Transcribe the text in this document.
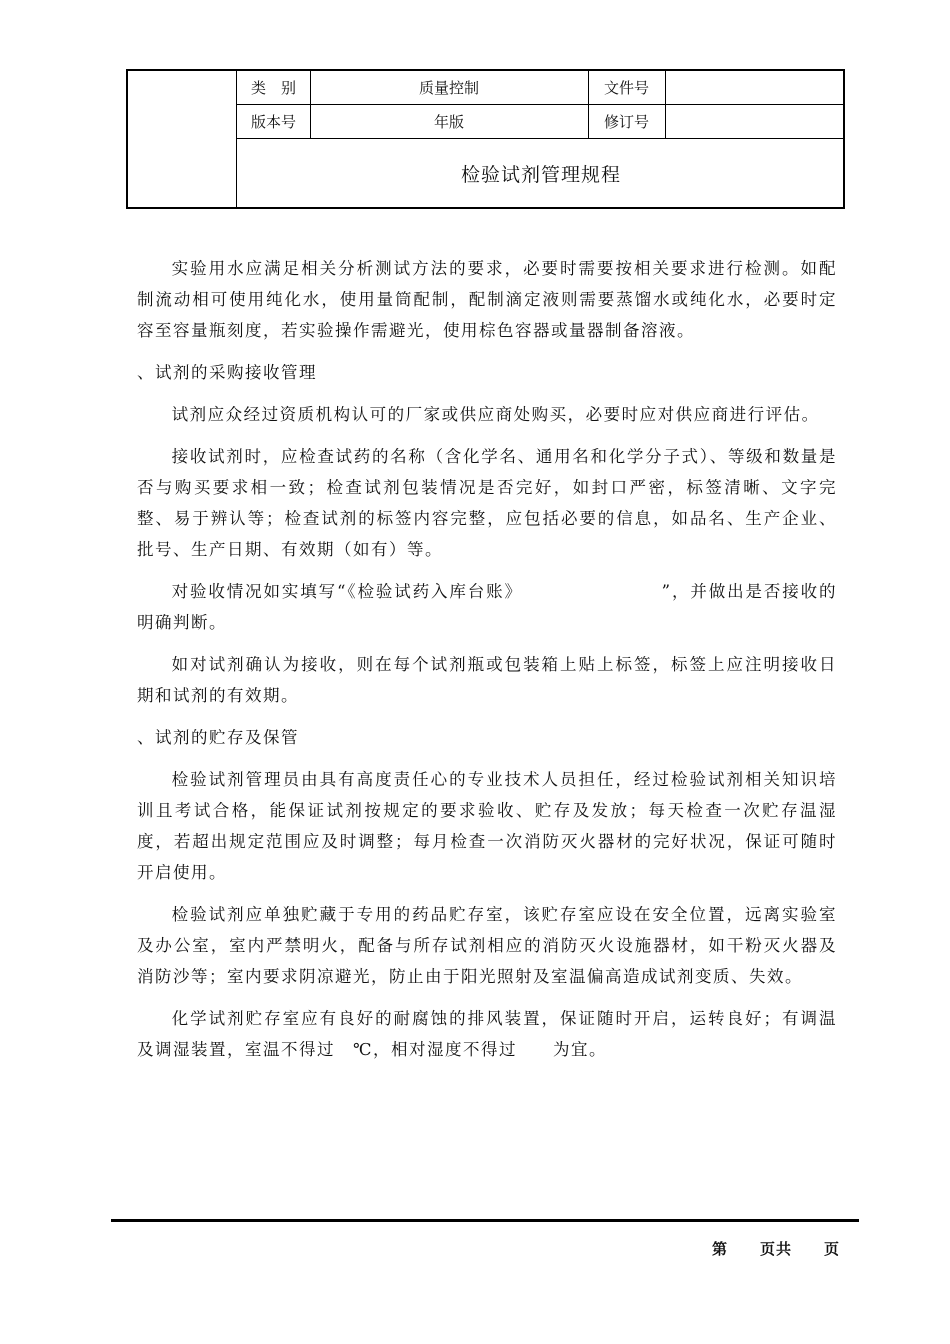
类　别	质量控制	文件号
版本号	年版	修订号
检验试剂管理规程

实验用水应满足相关分析测试方法的要求，必要时需要按相关要求进行检测。如配制流动相可使用纯化水，使用量筒配制，配制滴定液则需要蒸馏水或纯化水，必要时定容至容量瓶刻度，若实验操作需避光，使用棕色容器或量器制备溶液。

、试剂的采购接收管理

试剂应众经过资质机构认可的厂家或供应商处购买，必要时应对供应商进行评估。

接收试剂时，应检查试药的名称（含化学名、通用名和化学分子式）、等级和数量是否与购买要求相一致；检查试剂包装情况是否完好，如封口严密，标签清晰、文字完整、易于辨认等；检查试剂的标签内容完整，应包括必要的信息，如品名、生产企业、批号、生产日期、有效期（如有）等。

对验收情况如实填写“《检验试药入库台账》　　　　　　　　”，并做出是否接收的明确判断。

如对试剂确认为接收，则在每个试剂瓶或包装箱上贴上标签，标签上应注明接收日期和试剂的有效期。

、试剂的贮存及保管

检验试剂管理员由具有高度责任心的专业技术人员担任，经过检验试剂相关知识培训且考试合格，能保证试剂按规定的要求验收、贮存及发放；每天检查一次贮存温湿度，若超出规定范围应及时调整；每月检查一次消防灭火器材的完好状况，保证可随时开启使用。

检验试剂应单独贮藏于专用的药品贮存室，该贮存室应设在安全位置，远离实验室及办公室，室内严禁明火，配备与所存试剂相应的消防灭火设施器材，如干粉灭火器及消防沙等；室内要求阴凉避光，防止由于阳光照射及室温偏高造成试剂变质、失效。

化学试剂贮存室应有良好的耐腐蚀的排风装置，保证随时开启，运转良好；有调温及调湿装置，室温不得过　℃，相对湿度不得过　　为宜。

第　　页共　　页
